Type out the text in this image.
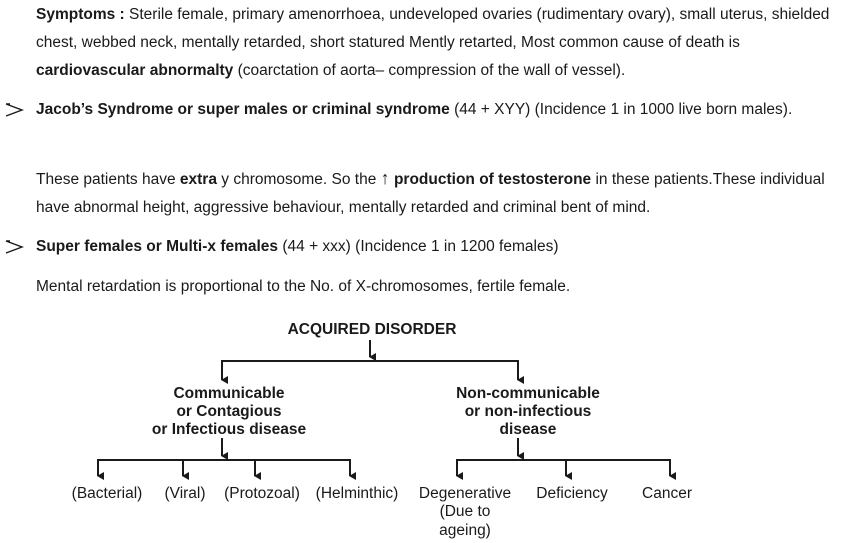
Symptoms : Sterile female, primary amenorrhoea, undeveloped ovaries (rudimentary ovary), small uterus, shielded chest, webbed neck, mentally retarded, short statured Mently retarted, Most common cause of death is cardiovascular abnormalty (coarctation of aorta– compression of the wall of vessel).

Jacob’s Syndrome or super males or criminal syndrome (44 + XYY) (Incidence 1 in 1000 live born males).

These patients have extra y chromosome. So the ↑ production of testosterone in these patients.These individual have abnormal height, aggressive behaviour, mentally retarded and criminal bent of mind.

Super females or Multi-x females (44 + xxx) (Incidence 1 in 1200 females)

Mental retardation is proportional to the No. of X-chromosomes, fertile female.

ACQUIRED DISORDER
Communicable
or Contagious
or Infectious disease
Non-communicable
or non-infectious
disease
(Bacterial) (Viral) (Protozoal) (Helminthic) Degenerative
(Due to
ageing)
Deficiency Cancer
